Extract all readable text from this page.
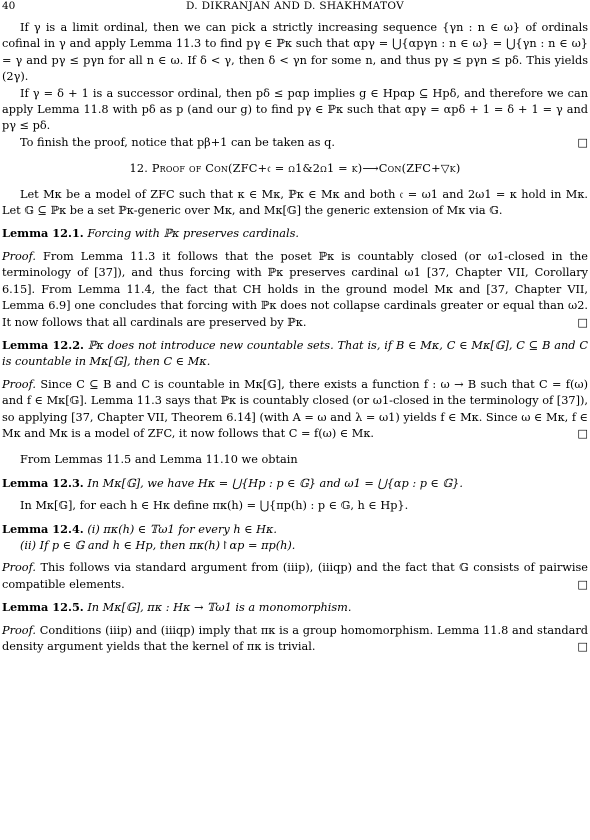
40	D. DIKRANJAN AND D. SHAKHMATOV

If γ is a limit ordinal, then we can pick a strictly increasing sequence {γn : n ∈ ω} of ordinals cofinal in γ and apply Lemma 11.3 to find pγ ∈ ℙκ such that αpγ = ⋃{αpγn : n ∈ ω} = ⋃{γn : n ∈ ω} = γ and pγ ≤ pγn for all n ∈ ω. If δ < γ, then δ < γn for some n, and thus pγ ≤ pγn ≤ pδ. This yields (2γ).

If γ = δ + 1 is a successor ordinal, then pδ ≤ pαp implies g ∈ Hpαp ⊆ Hpδ, and therefore we can apply Lemma 11.8 with pδ as p (and our g) to find pγ ∈ ℙκ such that αpγ = αpδ + 1 = δ + 1 = γ and pγ ≤ pδ.

To finish the proof, notice that pβ+1 can be taken as q.	□

12. Proof of Con(ZFC+𝔠 = ω1&2ω1 = κ)⟶Con(ZFC+▽κ)

Let Mκ be a model of ZFC such that κ ∈ Mκ, ℙκ ∈ Mκ and both 𝔠 = ω1 and 2ω1 = κ hold in Mκ. Let 𝔾 ⊆ ℙκ be a set ℙκ-generic over Mκ, and Mκ[𝔾] the generic extension of Mκ via 𝔾.

Lemma 12.1. Forcing with ℙκ preserves cardinals.

Proof. From Lemma 11.3 it follows that the poset ℙκ is countably closed (or ω1-closed in the terminology of [37]), and thus forcing with ℙκ preserves cardinal ω1 [37, Chapter VII, Corollary 6.15]. From Lemma 11.4, the fact that CH holds in the ground model Mκ and [37, Chapter VII, Lemma 6.9] one concludes that forcing with ℙκ does not collapse cardinals greater or equal than ω2. It now follows that all cardinals are preserved by ℙκ.	□

Lemma 12.2. ℙκ does not introduce new countable sets. That is, if B ∈ Mκ, C ∈ Mκ[𝔾], C ⊆ B and C is countable in Mκ[𝔾], then C ∈ Mκ.

Proof. Since C ⊆ B and C is countable in Mκ[𝔾], there exists a function f : ω → B such that C = f(ω) and f ∈ Mκ[𝔾]. Lemma 11.3 says that ℙκ is countably closed (or ω1-closed in the terminology of [37]), so applying [37, Chapter VII, Theorem 6.14] (with A = ω and λ = ω1) yields f ∈ Mκ. Since ω ∈ Mκ, f ∈ Mκ and Mκ is a model of ZFC, it now follows that C = f(ω) ∈ Mκ.	□

From Lemmas 11.5 and Lemma 11.10 we obtain

Lemma 12.3. In Mκ[𝔾], we have Hκ = ⋃{Hp : p ∈ 𝔾} and ω1 = ⋃{αp : p ∈ 𝔾}.

In Mκ[𝔾], for each h ∈ Hκ define πκ(h) = ⋃{πp(h) : p ∈ 𝔾, h ∈ Hp}.

Lemma 12.4. (i) πκ(h) ∈ 𝕋ω1 for every h ∈ Hκ.

(ii) If p ∈ 𝔾 and h ∈ Hp, then πκ(h)↾αp = πp(h).

Proof. This follows via standard argument from (iiip), (iiiqp) and the fact that 𝔾 consists of pairwise compatible elements.	□

Lemma 12.5. In Mκ[𝔾], πκ : Hκ → 𝕋ω1 is a monomorphism.

Proof. Conditions (iiip) and (iiiqp) imply that πκ is a group homomorphism. Lemma 11.8 and standard density argument yields that the kernel of πκ is trivial.	□
